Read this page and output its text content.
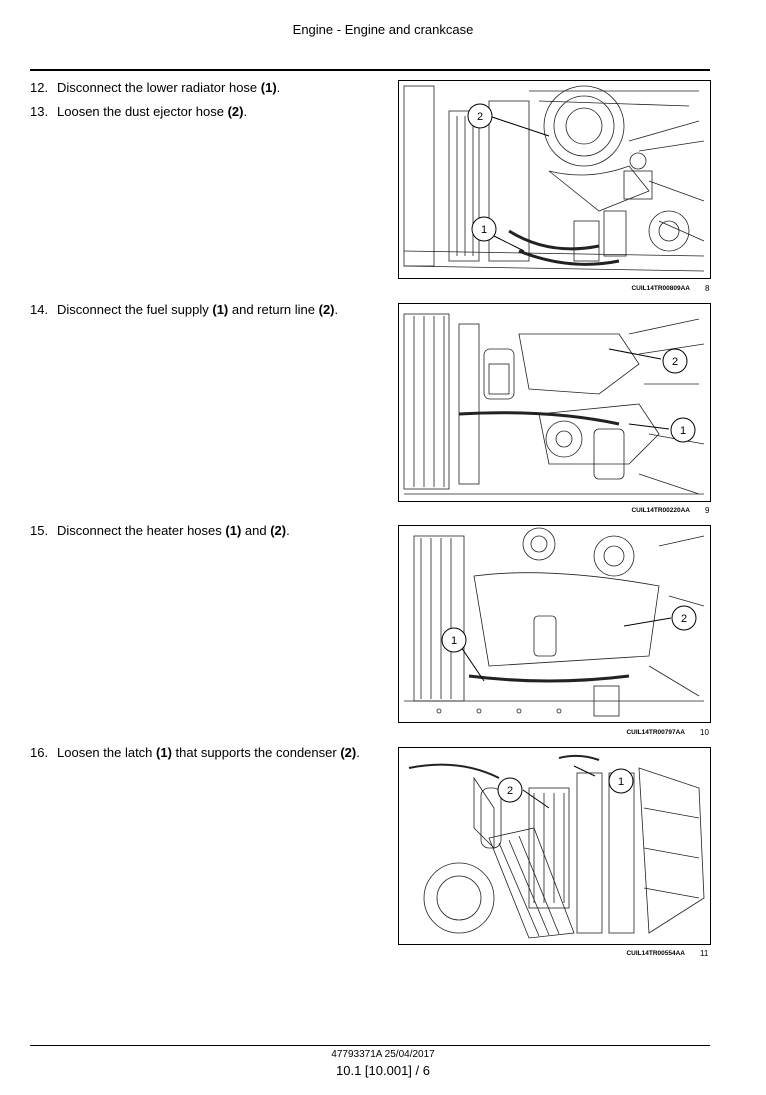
Engine - Engine and crankcase
12. Disconnect the lower radiator hose (1).
13. Loosen the dust ejector hose (2).
14. Disconnect the fuel supply (1) and return line (2).
15. Disconnect the heater hoses (1) and (2).
16. Loosen the latch (1) that supports the condenser (2).
2
1
CUIL14TR00809AA 8
2
1
CUIL14TR00220AA 9
2
1
CUIL14TR00797AA 10
2
1
CUIL14TR00554AA 11
47793371A 25/04/2017
10.1 [10.001] / 6
